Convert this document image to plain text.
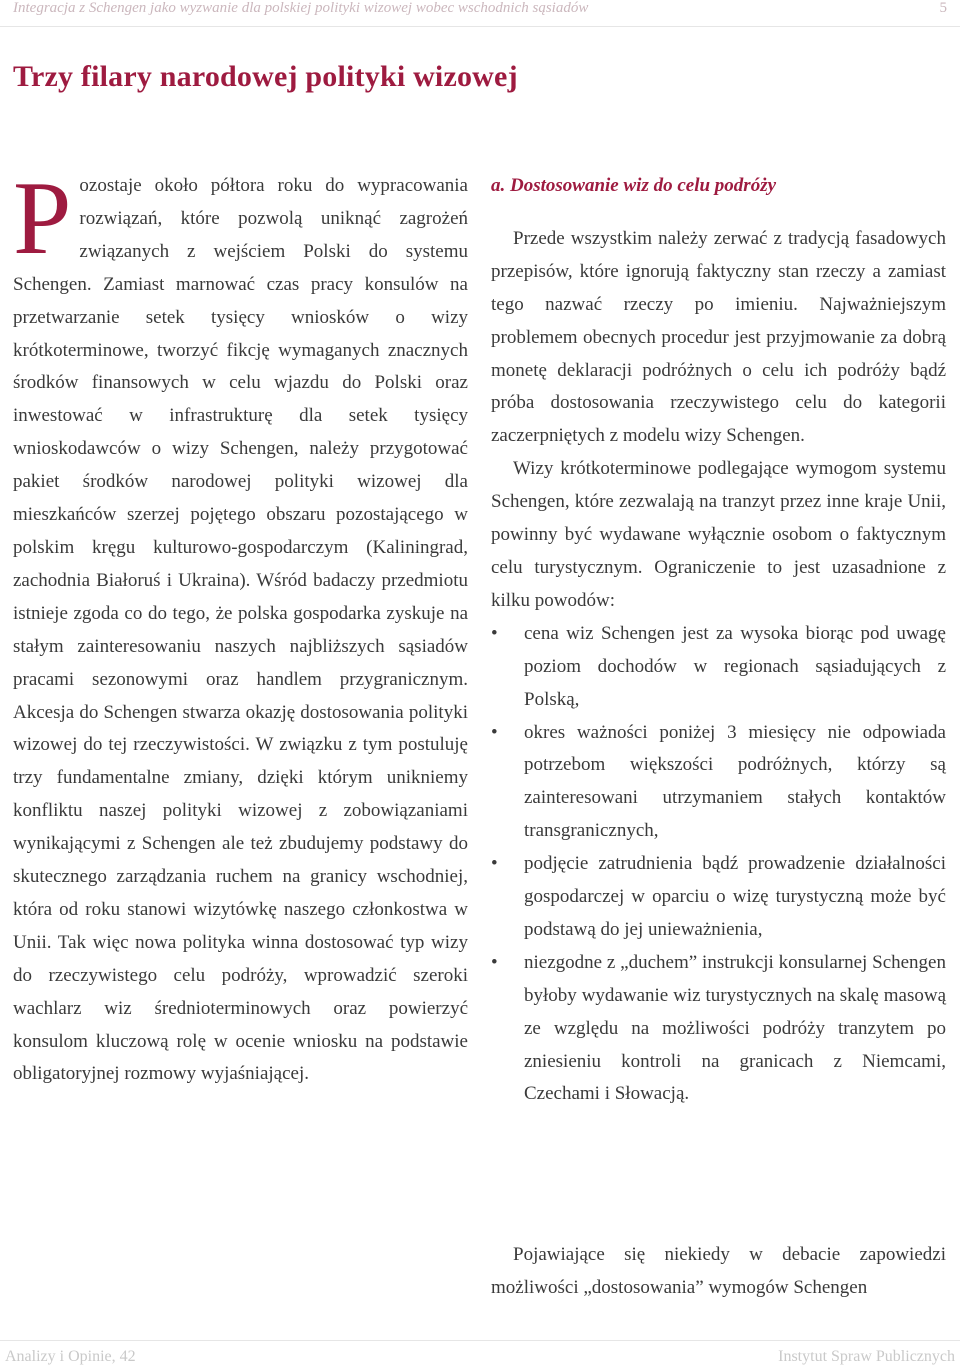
Integracja z Schengen jako wyzwanie dla polskiej polityki wizowej wobec wschodnich sąsiadów	5
Trzy filary narodowej polityki wizowej

Pozostaje około półtora roku do wypracowania rozwiązań, które pozwolą uniknąć zagrożeń związanych z wejściem Polski do systemu Schengen. Zamiast marnować czas pracy konsulów na przetwarzanie setek tysięcy wniosków o wizy krótkoterminowe, tworzyć fikcję wymaganych znacznych środków finansowych w celu wjazdu do Polski oraz inwestować w infrastrukturę dla setek tysięcy wnioskodawców o wizy Schengen, należy przygotować pakiet środków narodowej polityki wizowej dla mieszkańców szerzej pojętego obszaru pozostającego w polskim kręgu kulturowo-gospodarczym (Kaliningrad, zachodnia Białoruś i Ukraina). Wśród badaczy przedmiotu istnieje zgoda co do tego, że polska gospodarka zyskuje na stałym zainteresowaniu naszych najbliższych sąsiadów pracami sezonowymi oraz handlem przygranicznym. Akcesja do Schengen stwarza okazję dostosowania polityki wizowej do tej rzeczywistości. W związku z tym postuluję trzy fundamentalne zmiany, dzięki którym unikniemy konfliktu naszej polityki wizowej z zobowiązaniami wynikającymi z Schengen ale też zbudujemy podstawy do skutecznego zarządzania ruchem na granicy wschodniej, która od roku stanowi wizytówkę naszego członkostwa w Unii. Tak więc nowa polityka winna dostosować typ wizy do rzeczywistego celu podróży, wprowadzić szeroki wachlarz wiz średnioterminowych oraz powierzyć konsulom kluczową rolę w ocenie wniosku na podstawie obligatoryjnej rozmowy wyjaśniającej.

a. Dostosowanie wiz do celu podróży

Przede wszystkim należy zerwać z tradycją fasadowych przepisów, które ignorują faktyczny stan rzeczy a zamiast tego nazwać rzeczy po imieniu. Najważniejszym problemem obecnych procedur jest przyjmowanie za dobrą monetę deklaracji podróżnych o celu ich podróży bądź próba dostosowania rzeczywistego celu do kategorii zaczerpniętych z modelu wizy Schengen.

Wizy krótkoterminowe podlegające wymogom systemu Schengen, które zezwalają na tranzyt przez inne kraje Unii, powinny być wydawane wyłącznie osobom o faktycznym celu turystycznym. Ograniczenie to jest uzasadnione z kilku powodów:

• cena wiz Schengen jest za wysoka biorąc pod uwagę poziom dochodów w regionach sąsiadujących z Polską,
• okres ważności poniżej 3 miesięcy nie odpowiada potrzebom większości podróżnych, którzy są zainteresowani utrzymaniem stałych kontaktów transgranicznych,
• podjęcie zatrudnienia bądź prowadzenie działalności gospodarczej w oparciu o wizę turystyczną może być podstawą do jej unieważnienia,
• niezgodne z „duchem” instrukcji konsularnej Schengen byłoby wydawanie wiz turystycznych na skalę masową ze względu na możliwości podróży tranzytem po zniesieniu kontroli na granicach z Niemcami, Czechami i Słowacją.

Pojawiające się niekiedy w debacie zapowiedzi możliwości „dostosowania” wymogów Schengen

Analizy i Opinie, 42	Instytut Spraw Publicznych
